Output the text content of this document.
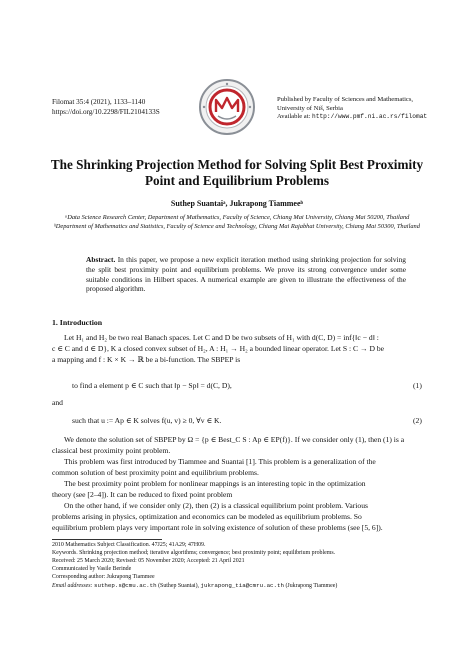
Filomat 35:4 (2021), 1133–1140
https://doi.org/10.2298/FIL2104133S
Published by Faculty of Sciences and Mathematics,
University of Niš, Serbia
Available at: http://www.pmf.ni.ac.rs/filomat
The Shrinking Projection Method for Solving Split Best Proximity
Point and Equilibrium Problems
Suthep Suantaiᵃ, Jukrapong Tiammeeᵇ
ᵃData Science Research Center, Department of Mathematics, Faculty of Science, Chiang Mai University, Chiang Mai 50200, Thailand
ᵇDepartment of Mathematics and Statistics, Faculty of Science and Technology, Chiang Mai Rajabhat University, Chiang Mai 50300, Thailand
Abstract. In this paper, we propose a new explicit iteration method using shrinking projection for solving the split best proximity point and equilibrium problems. We prove its strong convergence under some suitable conditions in Hilbert spaces. A numerical example are given to illustrate the effectiveness of the proposed algorithm.
1. Introduction
Let H₁ and H₂ be two real Banach spaces. Let C and D be two subsets of H₁ with d(C, D) = inf{‖c − d‖ :
c ∈ C and d ∈ D}, K a closed convex subset of H₂, A : H₁ → H₂ a bounded linear operator. Let S : C → D be
a mapping and f : K × K → ℝ be a bi-function. The SBPEP is
to find a element p ∈ C such that ‖p − Sp‖ = d(C, D),	(1)
and
such that u := Ap ∈ K solves f(u, v) ≥ 0, ∀v ∈ K.	(2)
We denote the solution set of SBPEP by Ω = {p ∈ Best_C S : Ap ∈ EP(f)}. If we consider only (1), then (1) is a
classical best proximity point problem.
This problem was first introduced by Tiammee and Suantai [1]. This problem is a generalization of the
common solution of best proximity point and equilibrium problems.
The best proximity point problem for nonlinear mappings is an interesting topic in the optimization
theory (see [2–4]). It can be reduced to fixed point problem
On the other hand, if we consider only (2), then (2) is a classical equilibrium point problem. Various
problems arising in physics, optimization and economics can be modeled as equilibrium problems. So
equilibrium problem plays very important role in solving existence of solution of these problems (see [5, 6]).
2010 Mathematics Subject Classification. 47J25; 41A29; 47H09.
Keywords. Shrinking projection method; iterative algorithms; convergence; best proximity point; equilibrium problems.
Received: 25 March 2020; Revised: 05 November 2020; Accepted: 21 April 2021
Communicated by Vasile Berinde
Corresponding author: Jukrapong Tiammee
Email addresses: suthep.s@cmu.ac.th (Suthep Suantai), jukrapong_tia@cmru.ac.th (Jukrapong Tiammee)
